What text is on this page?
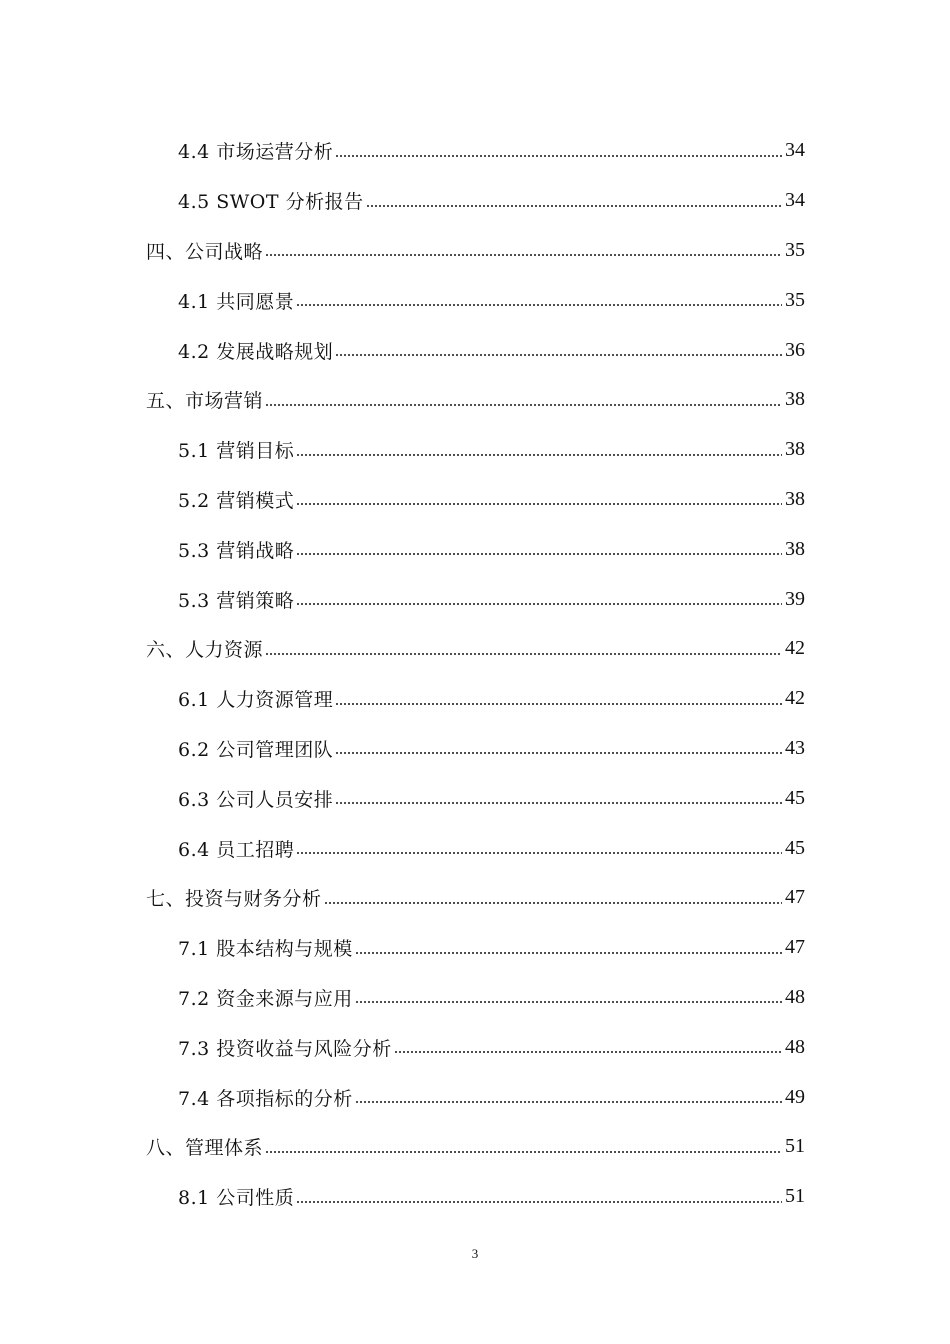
4.4 市场运营分析	34
4.5 SWOT 分析报告	34
四、公司战略	35
4.1 共同愿景	35
4.2 发展战略规划	36
五、市场营销	38
5.1 营销目标	38
5.2 营销模式	38
5.3 营销战略	38
5.3 营销策略	39
六、人力资源	42
6.1 人力资源管理	42
6.2 公司管理团队	43
6.3 公司人员安排	45
6.4 员工招聘	45
七、投资与财务分析	47
7.1 股本结构与规模	47
7.2 资金来源与应用	48
7.3 投资收益与风险分析	48
7.4 各项指标的分析	49
八、管理体系	51
8.1 公司性质	51
3
